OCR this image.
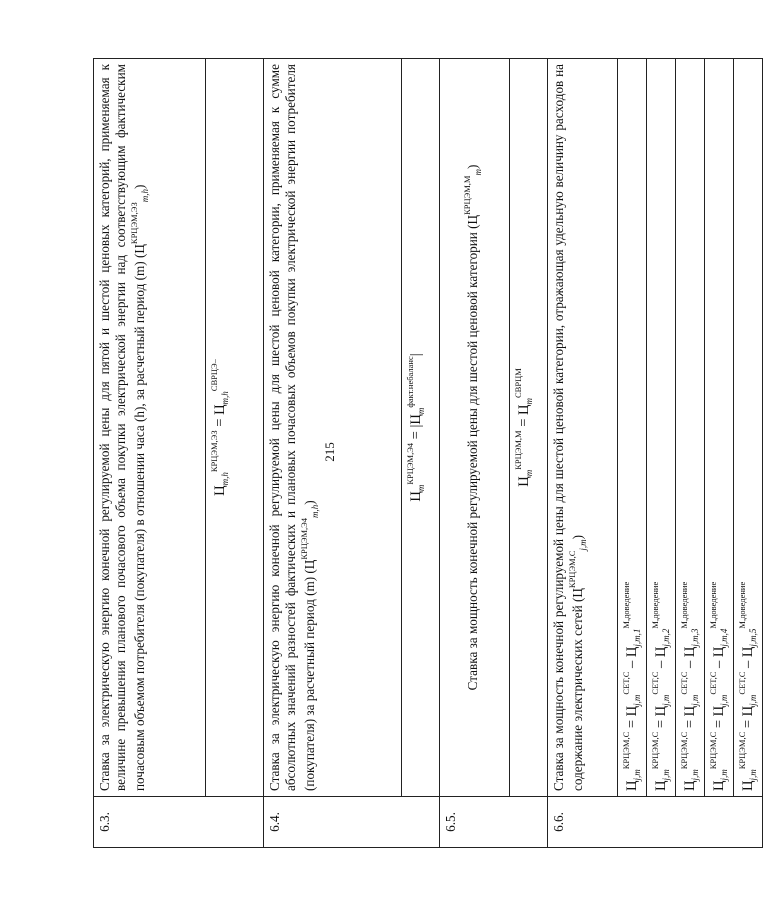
215
6.3.	Ставка за электрическую энергию конечной регулируемой цены для пятой и шестой ценовых категорий, применяемая к величине превышения планового почасового объема покупки электрической энергии над соответствующим фактическим почасовым объемом потребителя (покупателя) в отношении часа (h), за расчетный период (m) $(Ц^{КРЦЭМ,ЭЗ}_{m,h})$
	$Ц_{m,h}^{КРЦЭМ,ЭЗ} = Ц_{m,h}^{СВРЦЭ-}$
6.4.	Ставка за электрическую энергию конечной регулируемой цены для шестой ценовой категории, применяемая к сумме абсолютных значений разностей фактических и плановых почасовых объемов покупки электрической энергии потребителя (покупателя) за расчетный период (m) $(Ц^{КРЦЭМ,Э4}_{m,h})$
	$Ц_m^{КРЦЭМ,Э4} = |Ц_m^{факт.небаланс}|$
6.5.	Ставка за мощность конечной регулируемой цены для шестой ценовой категории $(Ц^{КРЦЭМ,М}_m)$
	$Ц_m^{КРЦЭМ,М} = Ц_m^{СВРЦМ}$
6.6.	Ставка за мощность конечной регулируемой цены для шестой ценовой категории, отражающая удельную величину расходов на содержание электрических сетей $(Ц^{КРЦЭМ,С}_{j,m})$
	$Ц_{j,m}^{КРЦЭМ,С} = Ц_{j,m}^{СЕТ,С} - Ц_{j,m,1}^{М,доведение}$
	$Ц_{j,m}^{КРЦЭМ,С} = Ц_{j,m}^{СЕТ,С} - Ц_{j,m,2}^{М,доведение}$
	$Ц_{j,m}^{КРЦЭМ,С} = Ц_{j,m}^{СЕТ,С} - Ц_{j,m,3}^{М,доведение}$
	$Ц_{j,m}^{КРЦЭМ,С} = Ц_{j,m}^{СЕТ,С} - Ц_{j,m,4}^{М,доведение}$
	$Ц_{j,m}^{КРЦЭМ,С} = Ц_{j,m}^{СЕТ,С} - Ц_{j,m,5}^{М,доведение}$
